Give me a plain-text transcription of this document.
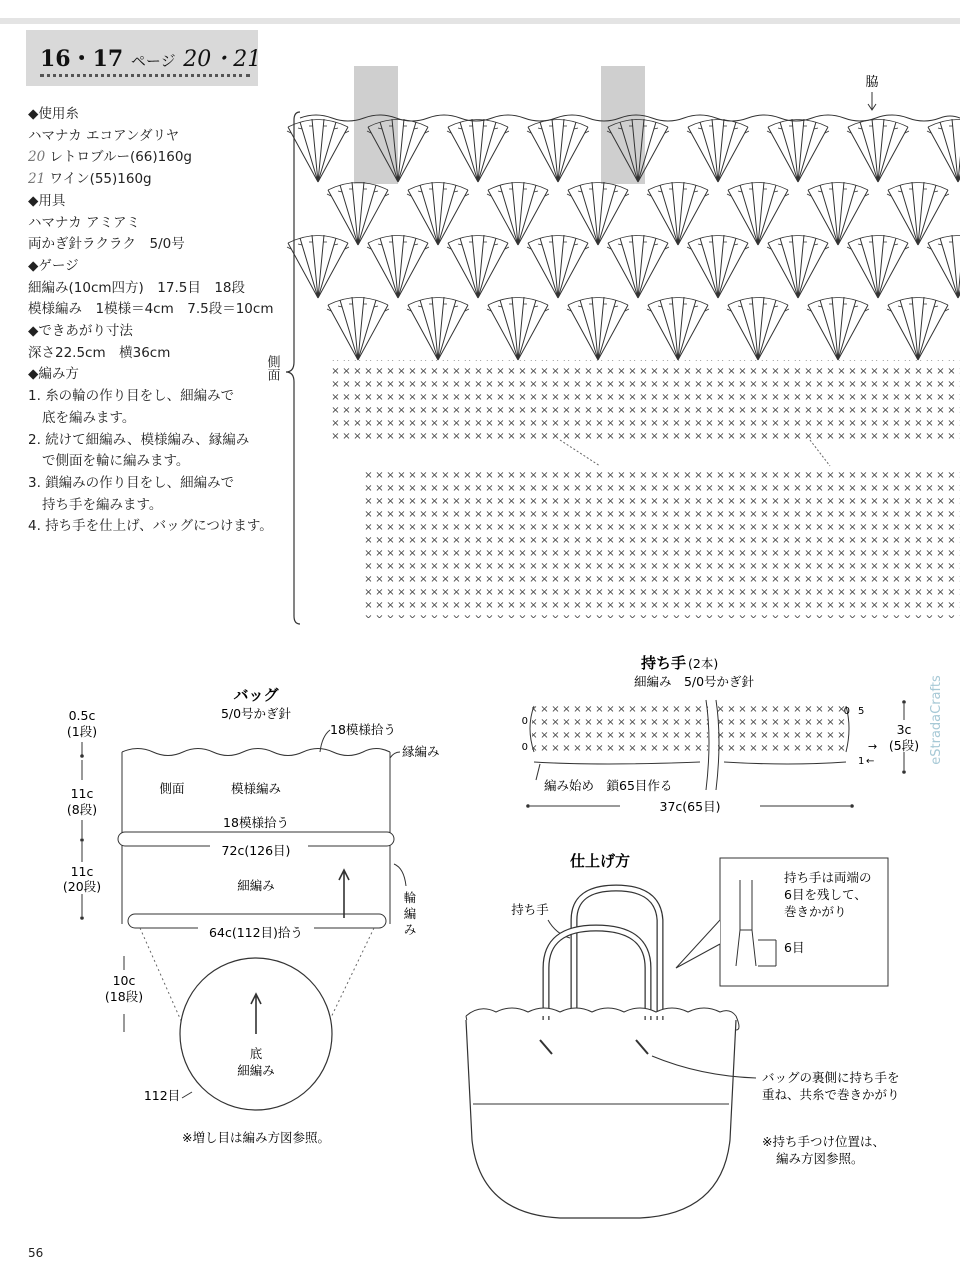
16・17 ページ 20・21
◆使用糸
ハマナカ エコアンダリヤ
20 レトロブルー(66)160g
21 ワイン(55)160g
◆用具
ハマナカ アミアミ
両かぎ針ラクラク　5/0号
◆ゲージ
細編み(10cm四方)　17.5目　18段
模様編み　1模様＝4cm　7.5段＝10cm
◆できあがり寸法
深さ22.5cm　横36cm
◆編み方
1. 糸の輪の作り目をし、細編みで
底を編みます。
2. 続けて細編み、模様編み、縁編み
で側面を輪に編みます。
3. 鎖編みの作り目をし、細編みで
持ち手を編みます。
4. 持ち手を仕上げ、バッグにつけます。
側面
脇
バッグ
5/0号かぎ針
0.5c
(1段)
11c
(8段)
11c
(20段)
10c
(18段)
18模様拾う
縁編み
側面	模様編み
18模様拾う
72c(126目)
細編み
輪
編
み
64c(112目)拾う
底
細編み
112目
※増し目は編み方図参照。
持ち手 (2本)
細編み　5/0号かぎ針
0
0
5
1
0
→
←
3c
(5段)
編み始め　鎖65目作る
37c(65目)
仕上げ方
持ち手
持ち手は両端の
6目を残して、
巻きかがり
6目
バッグの裏側に持ち手を
重ね、共糸で巻きかがり
※持ち手つけ位置は、
編み方図参照。
eStradaCrafts
56
